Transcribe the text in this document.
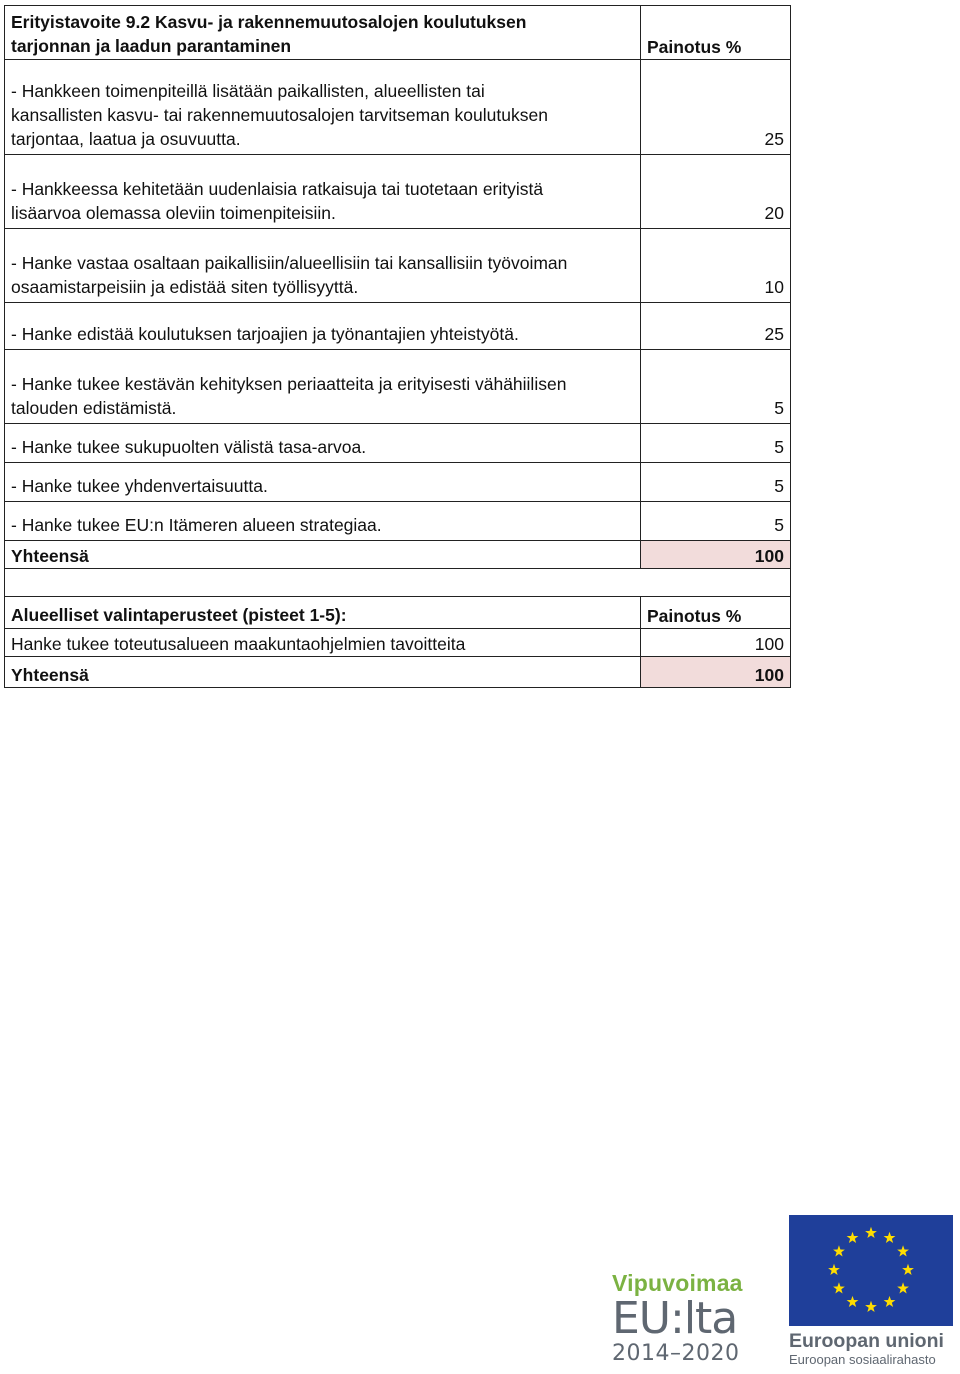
Erityistavoite 9.2 Kasvu- ja rakennemuutosalojen koulutuksen
tarjonnan ja laadun parantaminen	Painotus %
- Hankkeen toimenpiteillä lisätään paikallisten, alueellisten tai
kansallisten kasvu- tai rakennemuutosalojen tarvitseman koulutuksen
tarjontaa, laatua ja osuvuutta.	25
- Hankkeessa kehitetään uudenlaisia ratkaisuja tai tuotetaan erityistä
lisäarvoa olemassa oleviin toimenpiteisiin.	20
- Hanke vastaa osaltaan paikallisiin/alueellisiin tai kansallisiin työvoiman
osaamistarpeisiin ja edistää siten työllisyyttä.	10
- Hanke edistää koulutuksen tarjoajien ja työnantajien yhteistyötä.	25
- Hanke tukee kestävän kehityksen periaatteita ja erityisesti vähähiilisen
talouden edistämistä.	5
- Hanke tukee sukupuolten välistä tasa-arvoa.	5
- Hanke tukee yhdenvertaisuutta.	5
- Hanke tukee EU:n Itämeren alueen strategiaa.	5
Yhteensä	100

Alueelliset valintaperusteet (pisteet 1-5):	Painotus %
Hanke tukee toteutusalueen maakuntaohjelmien tavoitteita	100
Yhteensä	100
Vipuvoimaa
EU:lta
2014–2020	Euroopan unioni
Euroopan sosiaalirahasto
